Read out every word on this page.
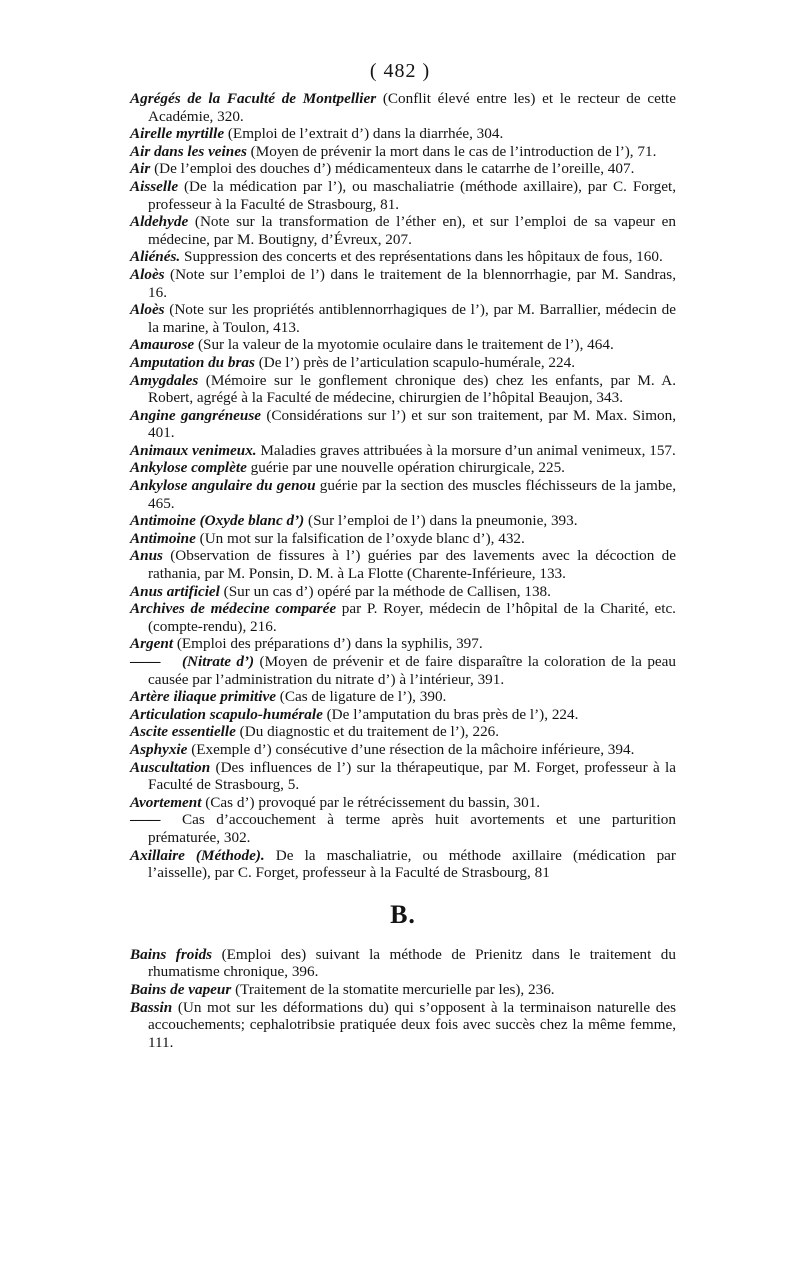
( 482 )

Agrégés de la Faculté de Montpellier (Conflit élevé entre les) et le recteur de cette Académie, 320.

Airelle myrtille (Emploi de l’extrait d’) dans la diarrhée, 304.

Air dans les veines (Moyen de prévenir la mort dans le cas de l’introduction de l’), 71.

Air (De l’emploi des douches d’) médicamenteux dans le catarrhe de l’oreille, 407.

Aisselle (De la médication par l’), ou maschaliatrie (méthode axillaire), par C. Forget, professeur à la Faculté de Strasbourg, 81.

Aldehyde (Note sur la transformation de l’éther en), et sur l’emploi de sa vapeur en médecine, par M. Boutigny, d’Évreux, 207.

Aliénés. Suppression des concerts et des représentations dans les hôpitaux de fous, 160.

Aloès (Note sur l’emploi de l’) dans le traitement de la blennorrhagie, par M. Sandras, 16.

Aloès (Note sur les propriétés antiblennorrhagiques de l’), par M. Barrallier, médecin de la marine, à Toulon, 413.

Amaurose (Sur la valeur de la myotomie oculaire dans le traitement de l’), 464.

Amputation du bras (De l’) près de l’articulation scapulo-humérale, 224.

Amygdales (Mémoire sur le gonflement chronique des) chez les enfants, par M. A. Robert, agrégé à la Faculté de médecine, chirurgien de l’hôpital Beaujon, 343.

Angine gangréneuse (Considérations sur l’) et sur son traitement, par M. Max. Simon, 401.

Animaux venimeux. Maladies graves attribuées à la morsure d’un animal venimeux, 157.

Ankylose complète guérie par une nouvelle opération chirurgicale, 225.

Ankylose angulaire du genou guérie par la section des muscles fléchisseurs de la jambe, 465.

Antimoine (Oxyde blanc d’) (Sur l’emploi de l’) dans la pneumonie, 393.

Antimoine (Un mot sur la falsification de l’oxyde blanc d’), 432.

Anus (Observation de fissures à l’) guéries par des lavements avec la décoction de rathania, par M. Ponsin, D. M. à La Flotte (Charente-Inférieure, 133.

Anus artificiel (Sur un cas d’) opéré par la méthode de Callisen, 138.

Archives de médecine comparée par P. Royer, médecin de l’hôpital de la Charité, etc. (compte-rendu), 216.

Argent (Emploi des préparations d’) dans la syphilis, 397.

—— (Nitrate d’) (Moyen de prévenir et de faire disparaître la coloration de la peau causée par l’administration du nitrate d’) à l’intérieur, 391.

Artère iliaque primitive (Cas de ligature de l’), 390.

Articulation scapulo-humérale (De l’amputation du bras près de l’), 224.

Ascite essentielle (Du diagnostic et du traitement de l’), 226.

Asphyxie (Exemple d’) consécutive d’une résection de la mâchoire inférieure, 394.

Auscultation (Des influences de l’) sur la thérapeutique, par M. Forget, professeur à la Faculté de Strasbourg, 5.

Avortement (Cas d’) provoqué par le rétrécissement du bassin, 301.

—— Cas d’accouchement à terme après huit avortements et une parturition prématurée, 302.

Axillaire (Méthode). De la maschaliatrie, ou méthode axillaire (médication par l’aisselle), par C. Forget, professeur à la Faculté de Strasbourg, 81

B.

Bains froids (Emploi des) suivant la méthode de Prienitz dans le traitement du rhumatisme chronique, 396.

Bains de vapeur (Traitement de la stomatite mercurielle par les), 236.

Bassin (Un mot sur les déformations du) qui s’opposent à la terminaison naturelle des accouchements; cephalotribsie pratiquée deux fois avec succès chez la même femme, 111.
